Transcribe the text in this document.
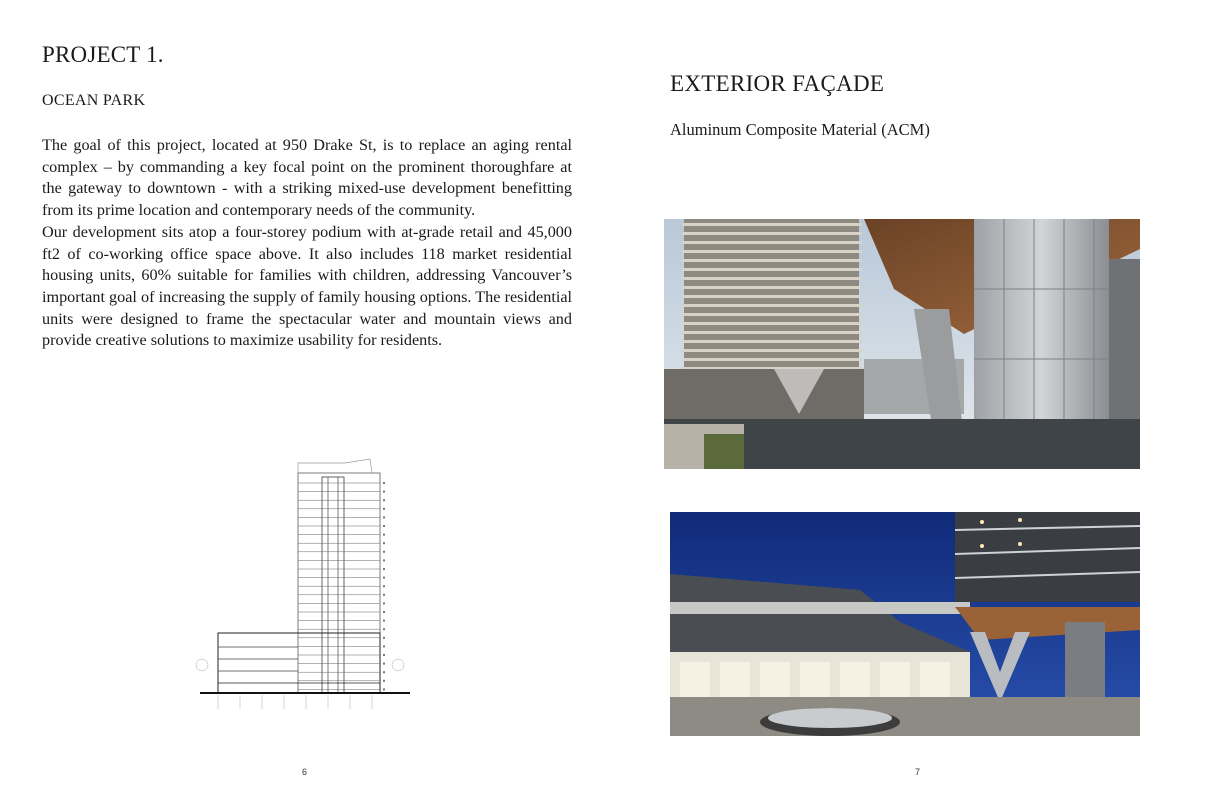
PROJECT 1.
OCEAN PARK

The goal of this project, located at 950 Drake St, is to replace an aging rental complex – by commanding a key focal point on the prominent thoroughfare at the gateway to downtown - with a striking mixed-use development benefitting from its prime location and contemporary needs of the community.

Our development sits atop a four-storey podium with at-grade retail and 45,000 ft2 of co-working office space above. It also includes 118 market residential housing units, 60% suitable for families with children, addressing Vancouver’s important goal of increasing the supply of family housing options. The residential units were designed to frame the spectacular water and mountain views and provide creative solutions to maximize usability for residents.

6
EXTERIOR FAÇADE
Aluminum Composite Material (ACM)
7
